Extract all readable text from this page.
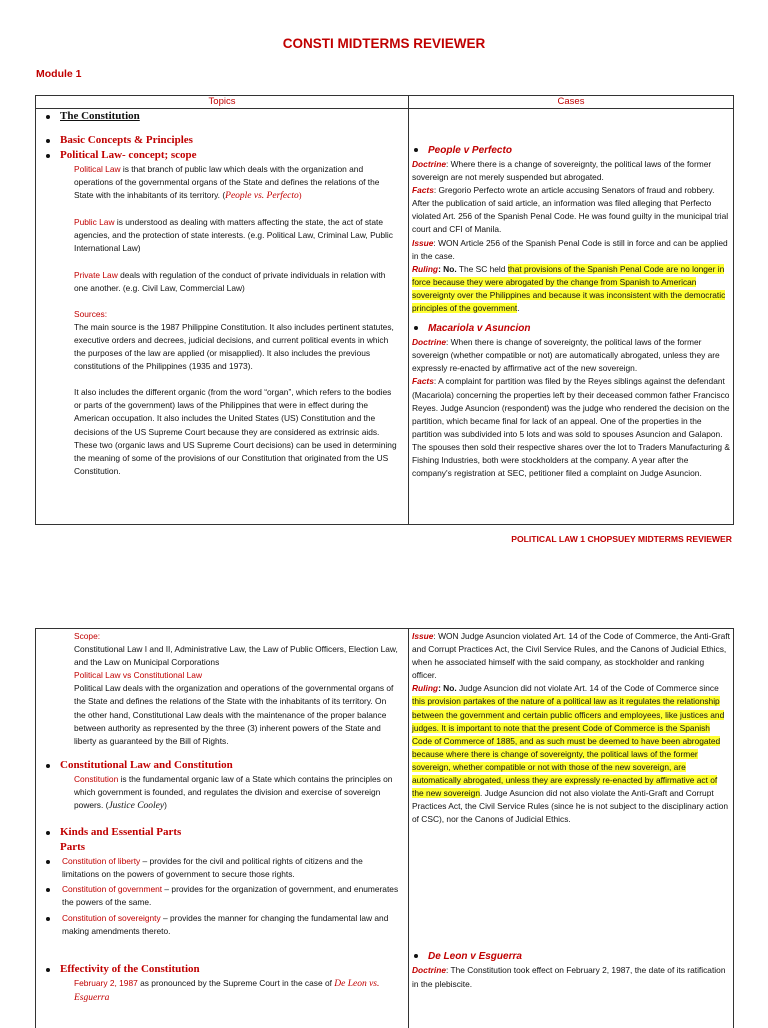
CONSTI MIDTERMS REVIEWER
Module 1
Topics	Cases
The Constitution
Basic Concepts & Principles
Political Law- concept; scope

Political Law is that branch of public law which deals with the organization and operations of the governmental organs of the State and defines the relations of the State with the inhabitants of its territory. (People vs. Perfecto)

Public Law is understood as dealing with matters affecting the state, the act of state agencies, and the protection of state interests. (e.g. Political Law, Criminal Law, Public International Law)

Private Law deals with regulation of the conduct of private individuals in relation with one another. (e.g. Civil Law, Commercial Law)

Sources:

The main source is the 1987 Philippine Constitution. It also includes pertinent statutes, executive orders and decrees, judicial decisions, and current political events in which the purposes of the law are applied (or misapplied). It also includes the previous constitutions of the Philippines (1935 and 1973).

It also includes the different organic (from the word “organ”, which refers to the bodies or parts of the government) laws of the Philippines that were in effect during the American occupation. It also includes the United States (US) Constitution and the decisions of the US Supreme Court because they are considered as extrinsic aids. These two (organic laws and US Supreme Court decisions) can be used in determining the meaning of some of the provisions of our Constitution that originated from the US Constitution.

People v Perfecto

Doctrine: Where there is a change of sovereignty, the political laws of the former sovereign are not merely suspended but abrogated.

Facts: Gregorio Perfecto wrote an article accusing Senators of fraud and robbery. After the publication of said article, an information was filed alleging that Perfecto violated Art. 256 of the Spanish Penal Code. He was found guilty in the municipal trial court and CFI of Manila.

Issue: WON Article 256 of the Spanish Penal Code is still in force and can be applied in the case.

Ruling: No. The SC held that provisions of the Spanish Penal Code are no longer in force because they were abrogated by the change from Spanish to American sovereignty over the Philippines and because it was inconsistent with the democratic principles of the government.

Macariola v Asuncion

Doctrine: When there is change of sovereignty, the political laws of the former sovereign (whether compatible or not) are automatically abrogated, unless they are expressly re-enacted by affirmative act of the new sovereign.

Facts: A complaint for partition was filed by the Reyes siblings against the defendant (Macariola) concerning the properties left by their deceased common father Francisco Reyes. Judge Asuncion (respondent) was the judge who rendered the decision on the partition, which became final for lack of an appeal. One of the properties in the partition was subdivided into 5 lots and was sold to spouses Asuncion and Galapon. The spouses then sold their respective shares over the lot to Traders Manufacturing & Fishing Industries, both were stockholders at the company. A year after the company's registration at SEC, petitioner filed a complaint on Judge Asuncion.

POLITICAL LAW 1 CHOPSUEY MIDTERMS REVIEWER

Scope:

Constitutional Law I and II, Administrative Law, the Law of Public Officers, Election Law, and the Law on Municipal Corporations

Political Law vs Constitutional Law

Political Law deals with the organization and operations of the governmental organs of the State and defines the relations of the State with the inhabitants of its territory. On the other hand, Constitutional Law deals with the maintenance of the proper balance between authority as represented by the three (3) inherent powers of the State and liberty as guaranteed by the Bill of Rights.

Constitutional Law and Constitution

Constitution is the fundamental organic law of a State which contains the principles on which government is founded, and regulates the division and exercise of sovereign powers. (Justice Cooley)

Kinds and Essential Parts
Parts

Constitution of liberty – provides for the civil and political rights of citizens and the limitations on the powers of government to secure those rights.

Constitution of government – provides for the organization of government, and enumerates the powers of the same.

Constitution of sovereignty – provides the manner for changing the fundamental law and making amendments thereto.

Effectivity of the Constitution

February 2, 1987 as pronounced by the Supreme Court in the case of De Leon vs. Esguerra

Issue: WON Judge Asuncion violated Art. 14 of the Code of Commerce, the Anti-Graft and Corrupt Practices Act, the Civil Service Rules, and the Canons of Judicial Ethics, when he associated himself with the said company, as stockholder and ranking officer.

Ruling: No. Judge Asuncion did not violate Art. 14 of the Code of Commerce since this provision partakes of the nature of a political law as it regulates the relationship between the government and certain public officers and employees, like justices and judges. It is important to note that the present Code of Commerce is the Spanish Code of Commerce of 1885, and as such must be deemed to have been abrogated because where there is change of sovereignty, the political laws of the former sovereign, whether compatible or not with those of the new sovereign, are automatically abrogated, unless they are expressly re-enacted by affirmative act of the new sovereign. Judge Asuncion did not also violate the Anti-Graft and Corrupt Practices Act, the Civil Service Rules (since he is not subject to the disciplinary action of CSC), nor the Canons of Judicial Ethics.

De Leon v Esguerra

Doctrine: The Constitution took effect on February 2, 1987, the date of its ratification in the plebiscite.
